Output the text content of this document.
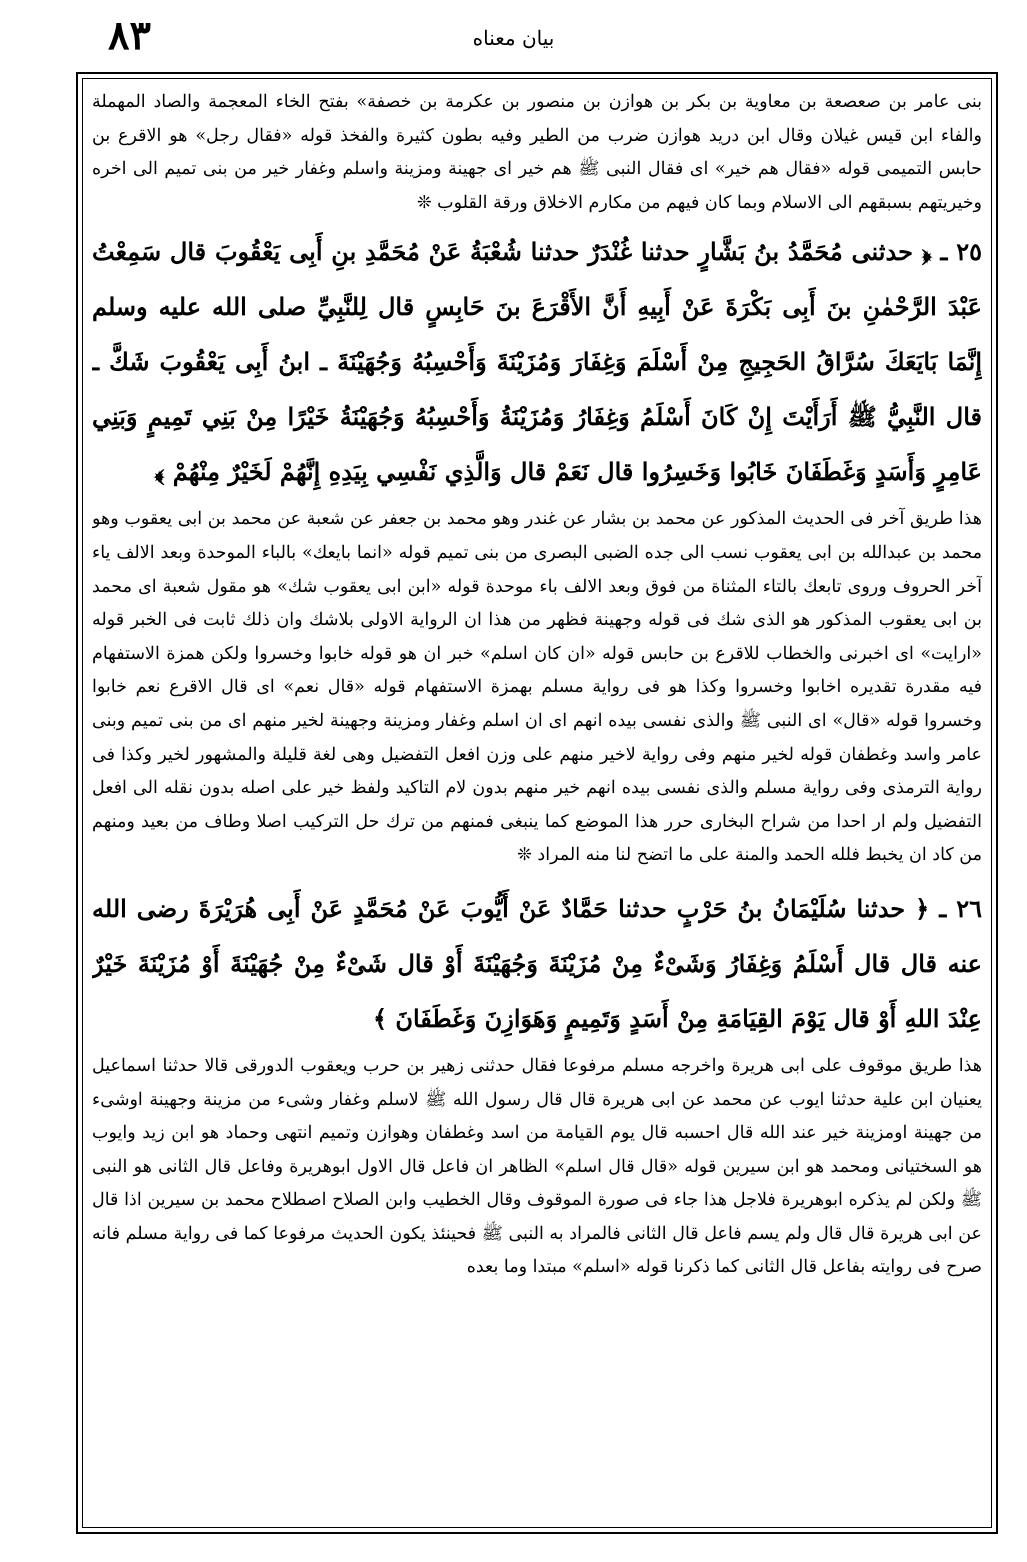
٨٣	بيان معناه

بنى عامر بن صعصعة بن معاوية بن بكر بن هوازن بن منصور بن عكرمة بن خصفة» بفتح الخاء المعجمة والصاد المهملة والفاء ابن قيس غيلان وقال ابن دريد هوازن ضرب من الطير وفيه بطون كثيرة والفخذ قوله «فقال رجل» هو الاقرع بن حابس التميمى قوله «فقال هم خير» اى فقال النبى ﷺ هم خير اى جهينة ومزينة واسلم وغفار خير من بنى تميم الى اخره وخيريتهم بسبقهم الى الاسلام وبما كان فيهم من مكارم الاخلاق ورقة القلوب ❊

٢٥ ـ ﴿ حدثنى مُحَمَّدُ بنُ بَشَّارٍ حدثنا غُنْدَرٌ حدثنا شُعْبَةُ عَنْ مُحَمَّدِ بنِ أَبِى يَعْقُوبَ قال سَمِعْتُ عَبْدَ الرَّحْمٰنِ بنَ أَبِى بَكْرَةَ عَنْ أَبِيهِ أَنَّ الأَقْرَعَ بنَ حَابِسٍ قال لِلنَّبِيِّ صلى الله عليه وسلم إِنَّمَا بَايَعَكَ سُرَّاقُ الحَجِيجِ مِنْ أَسْلَمَ وَغِفَارَ وَمُزَيْنَةَ وَأَحْسِبُهُ وَجُهَيْنَةَ ـ ابنُ أَبِى يَعْقُوبَ شَكَّ ـ قال النَّبِيُّ ﷺ أَرَأَيْتَ إِنْ كَانَ أَسْلَمُ وَغِفَارُ وَمُزَيْنَةُ وَأَحْسِبُهُ وَجُهَيْنَةُ خَيْرًا مِنْ بَنِي تَمِيمٍ وَبَنِي عَامِرٍ وَأَسَدٍ وَغَطَفَانَ خَابُوا وَخَسِرُوا قال نَعَمْ قال وَالَّذِي نَفْسِي بِيَدِهِ إِنَّهُمْ لَخَيْرٌ مِنْهُمْ ﴾

هذا طريق آخر فى الحديث المذكور عن محمد بن بشار عن غندر وهو محمد بن جعفر عن شعبة عن محمد بن ابى يعقوب وهو محمد بن عبدالله بن ابى يعقوب نسب الى جده الضبى البصرى من بنى تميم قوله «انما بايعك» بالباء الموحدة وبعد الالف ياء آخر الحروف وروى تابعك بالتاء المثناة من فوق وبعد الالف باء موحدة قوله «ابن ابى يعقوب شك» هو مقول شعبة اى محمد بن ابى يعقوب المذكور هو الذى شك فى قوله وجهينة فظهر من هذا ان الرواية الاولى بلاشك وان ذلك ثابت فى الخبر قوله «ارايت» اى اخبرنى والخطاب للاقرع بن حابس قوله «ان كان اسلم» خبر ان هو قوله خابوا وخسروا ولكن همزة الاستفهام فيه مقدرة تقديره اخابوا وخسروا وكذا هو فى رواية مسلم بهمزة الاستفهام قوله «قال نعم» اى قال الاقرع نعم خابوا وخسروا قوله «قال» اى النبى ﷺ والذى نفسى بيده انهم اى ان اسلم وغفار ومزينة وجهينة لخير منهم اى من بنى تميم وبنى عامر واسد وغطفان قوله لخير منهم وفى رواية لاخير منهم على وزن افعل التفضيل وهى لغة قليلة والمشهور لخير وكذا فى رواية الترمذى وفى رواية مسلم والذى نفسى بيده انهم خير منهم بدون لام التاكيد ولفظ خير على اصله بدون نقله الى افعل التفضيل ولم ار احدا من شراح البخارى حرر هذا الموضع كما ينبغى فمنهم من ترك حل التركيب اصلا وطاف من بعيد ومنهم من كاد ان يخبط فلله الحمد والمنة على ما اتضح لنا منه المراد ❊

٢٦ ـ ﴿ حدثنا سُلَيْمَانُ بنُ حَرْبٍ حدثنا حَمَّادٌ عَنْ أَيُّوبَ عَنْ مُحَمَّدٍ عَنْ أَبِى هُرَيْرَةَ رضى الله عنه قال قال أَسْلَمُ وَغِفَارُ وَشَىْءٌ مِنْ مُزَيْنَةَ وَجُهَيْنَةَ أَوْ قال شَىْءٌ مِنْ جُهَيْنَةَ أَوْ مُزَيْنَةَ خَيْرٌ عِنْدَ اللهِ أَوْ قال يَوْمَ القِيَامَةِ مِنْ أَسَدٍ وَتَمِيمٍ وَهَوَازِنَ وَغَطَفَانَ ﴾

هذا طريق موقوف على ابى هريرة واخرجه مسلم مرفوعا فقال حدثنى زهير بن حرب ويعقوب الدورقى قالا حدثنا اسماعيل يعنيان ابن علية حدثنا ايوب عن محمد عن ابى هريرة قال قال رسول الله ﷺ لاسلم وغفار وشىء من مزينة وجهينة اوشىء من جهينة اومزينة خير عند الله قال احسبه قال يوم القيامة من اسد وغطفان وهوازن وتميم انتهى وحماد هو ابن زيد وايوب هو السختيانى ومحمد هو ابن سيرين قوله «قال قال اسلم» الظاهر ان فاعل قال الاول ابوهريرة وفاعل قال الثانى هو النبى ﷺ ولكن لم يذكره ابوهريرة فلاجل هذا جاء فى صورة الموقوف وقال الخطيب وابن الصلاح اصطلاح محمد بن سيرين اذا قال عن ابى هريرة قال قال ولم يسم فاعل قال الثانى فالمراد به النبى ﷺ فحينئذ يكون الحديث مرفوعا كما فى رواية مسلم فانه صرح فى روايته بفاعل قال الثانى كما ذكرنا قوله «اسلم» مبتدا وما بعده
